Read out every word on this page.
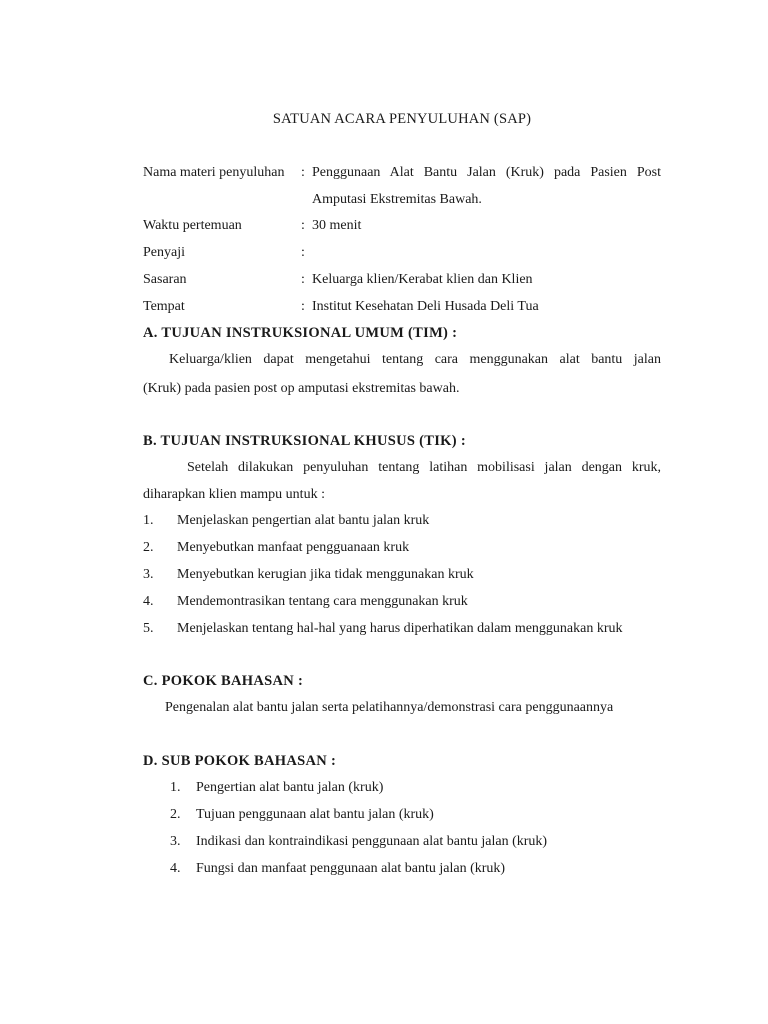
SATUAN ACARA PENYULUHAN (SAP)
Nama materi penyuluhan : Penggunaan Alat Bantu Jalan (Kruk) pada Pasien Post
Amputasi Ekstremitas Bawah.
Waktu pertemuan	: 30 menit
Penyaji	:
Sasaran	: Keluarga klien/Kerabat klien dan Klien
Tempat	: Institut Kesehatan Deli Husada Deli Tua
A. TUJUAN INSTRUKSIONAL UMUM (TIM) :
Keluarga/klien dapat mengetahui tentang cara menggunakan alat bantu jalan
(Kruk) pada pasien post op amputasi ekstremitas bawah.
B. TUJUAN INSTRUKSIONAL KHUSUS (TIK) :
Setelah dilakukan penyuluhan tentang latihan mobilisasi jalan dengan kruk,
diharapkan klien mampu untuk :
1. Menjelaskan pengertian alat bantu jalan kruk
2. Menyebutkan manfaat pengguanaan kruk
3. Menyebutkan kerugian jika tidak menggunakan kruk
4. Mendemontrasikan tentang cara menggunakan kruk
5. Menjelaskan tentang hal-hal yang harus diperhatikan dalam menggunakan kruk
C. POKOK BAHASAN :
Pengenalan alat bantu jalan serta pelatihannya/demonstrasi cara penggunaannya
D. SUB POKOK BAHASAN :
1. Pengertian alat bantu jalan (kruk)
2. Tujuan penggunaan alat bantu jalan (kruk)
3. Indikasi dan kontraindikasi penggunaan alat bantu jalan (kruk)
4. Fungsi dan manfaat penggunaan alat bantu jalan (kruk)
